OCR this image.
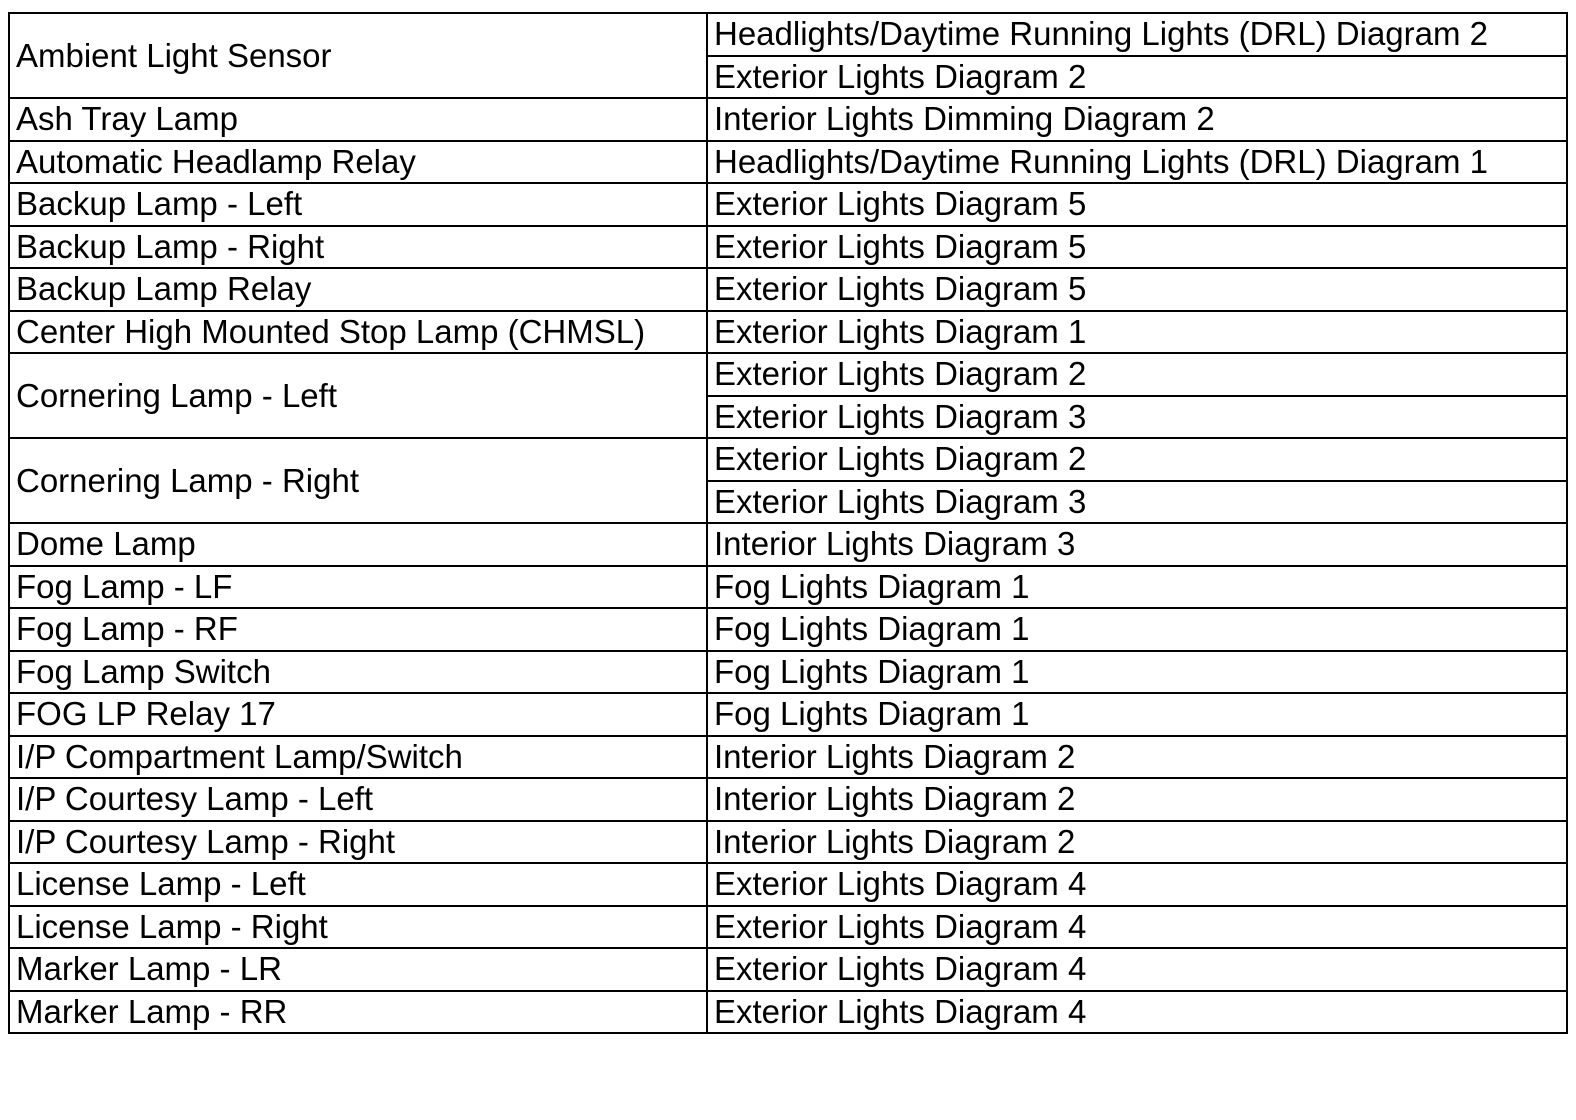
Ambient Light Sensor	Headlights/Daytime Running Lights (DRL) Diagram 2
	Exterior Lights Diagram 2
Ash Tray Lamp	Interior Lights Dimming Diagram 2
Automatic Headlamp Relay	Headlights/Daytime Running Lights (DRL) Diagram 1
Backup Lamp - Left	Exterior Lights Diagram 5
Backup Lamp - Right	Exterior Lights Diagram 5
Backup Lamp Relay	Exterior Lights Diagram 5
Center High Mounted Stop Lamp (CHMSL)	Exterior Lights Diagram 1
Cornering Lamp - Left	Exterior Lights Diagram 2
	Exterior Lights Diagram 3
Cornering Lamp - Right	Exterior Lights Diagram 2
	Exterior Lights Diagram 3
Dome Lamp	Interior Lights Diagram 3
Fog Lamp - LF	Fog Lights Diagram 1
Fog Lamp - RF	Fog Lights Diagram 1
Fog Lamp Switch	Fog Lights Diagram 1
FOG LP Relay 17	Fog Lights Diagram 1
I/P Compartment Lamp/Switch	Interior Lights Diagram 2
I/P Courtesy Lamp - Left	Interior Lights Diagram 2
I/P Courtesy Lamp - Right	Interior Lights Diagram 2
License Lamp - Left	Exterior Lights Diagram 4
License Lamp - Right	Exterior Lights Diagram 4
Marker Lamp - LR	Exterior Lights Diagram 4
Marker Lamp - RR	Exterior Lights Diagram 4
